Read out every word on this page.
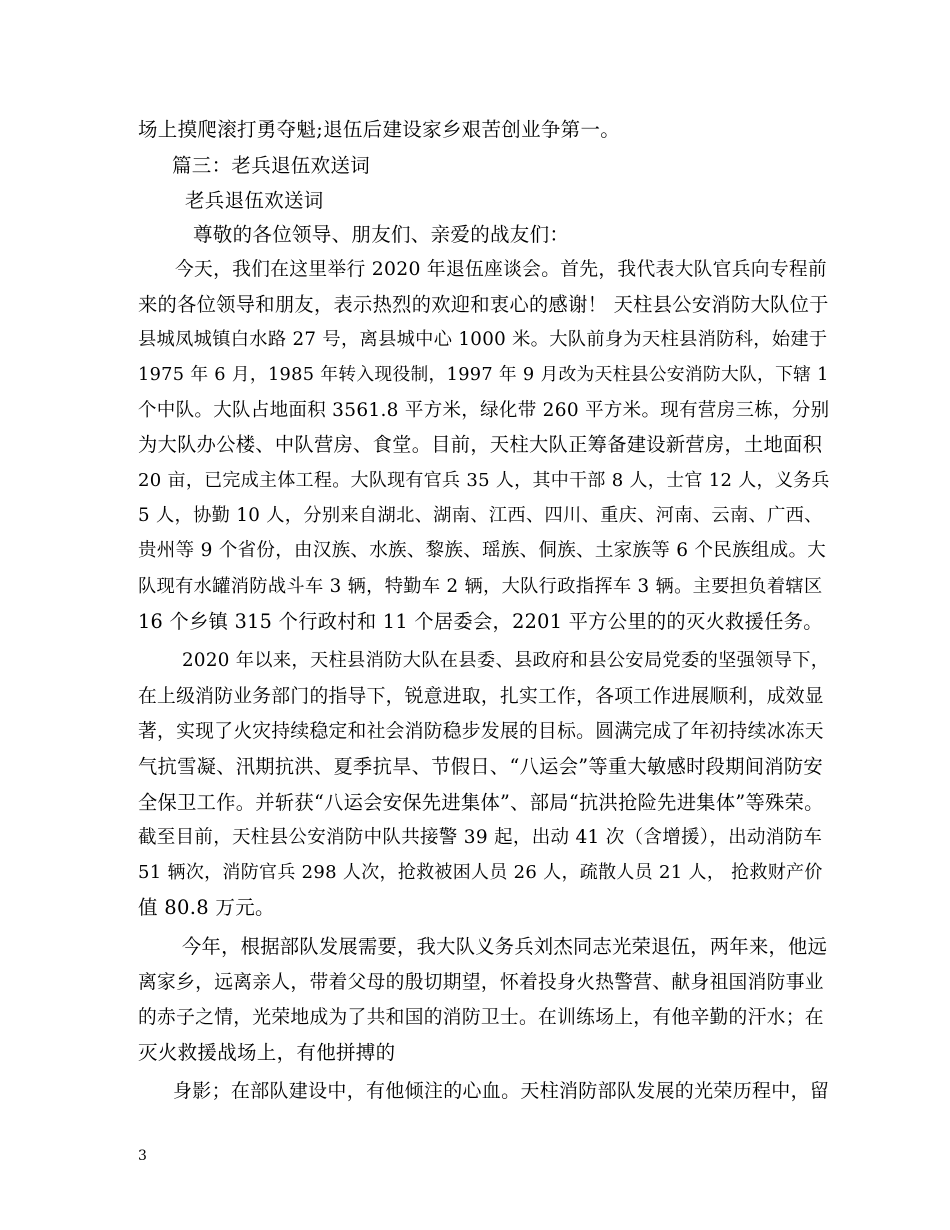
场上摸爬滚打勇夺魁;退伍后建设家乡艰苦创业争第一。
篇三：老兵退伍欢送词
老兵退伍欢送词
尊敬的各位领导、朋友们、亲爱的战友们：
今天，我们在这里举行 2020 年退伍座谈会。首先，我代表大队官兵向专程前
来的各位领导和朋友，表示热烈的欢迎和衷心的感谢！ 天柱县公安消防大队位于
县城凤城镇白水路 27 号，离县城中心 1000 米。大队前身为天柱县消防科，始建于
1975 年 6 月，1985 年转入现役制，1997 年 9 月改为天柱县公安消防大队，下辖 1
个中队。大队占地面积 3561.8 平方米，绿化带 260 平方米。现有营房三栋，分别
为大队办公楼、中队营房、食堂。目前，天柱大队正筹备建设新营房，土地面积
20 亩，已完成主体工程。大队现有官兵 35 人，其中干部 8 人，士官 12 人，义务兵
5 人，协勤 10 人，分别来自湖北、湖南、江西、四川、重庆、河南、云南、广西、
贵州等 9 个省份，由汉族、水族、黎族、瑶族、侗族、土家族等 6 个民族组成。大
队现有水罐消防战斗车 3 辆，特勤车 2 辆，大队行政指挥车 3 辆。主要担负着辖区
16 个乡镇 315 个行政村和 11 个居委会，2201 平方公里的的灭火救援任务。
2020 年以来，天柱县消防大队在县委、县政府和县公安局党委的坚强领导下，
在上级消防业务部门的指导下，锐意进取，扎实工作，各项工作进展顺利，成效显
著，实现了火灾持续稳定和社会消防稳步发展的目标。圆满完成了年初持续冰冻天
气抗雪凝、汛期抗洪、夏季抗旱、节假日、“八运会”等重大敏感时段期间消防安
全保卫工作。并斩获“八运会安保先进集体”、部局“抗洪抢险先进集体”等殊荣。
截至目前，天柱县公安消防中队共接警 39 起，出动 41 次（含增援），出动消防车
51 辆次，消防官兵 298 人次，抢救被困人员 26 人，疏散人员 21 人， 抢救财产价
值 80.8 万元。
今年，根据部队发展需要，我大队义务兵刘杰同志光荣退伍，两年来，他远
离家乡，远离亲人，带着父母的殷切期望，怀着投身火热警营、献身祖国消防事业
的赤子之情，光荣地成为了共和国的消防卫士。在训练场上，有他辛勤的汗水；在
灭火救援战场上，有他拼搏的
身影；在部队建设中，有他倾注的心血。天柱消防部队发展的光荣历程中，留
3
